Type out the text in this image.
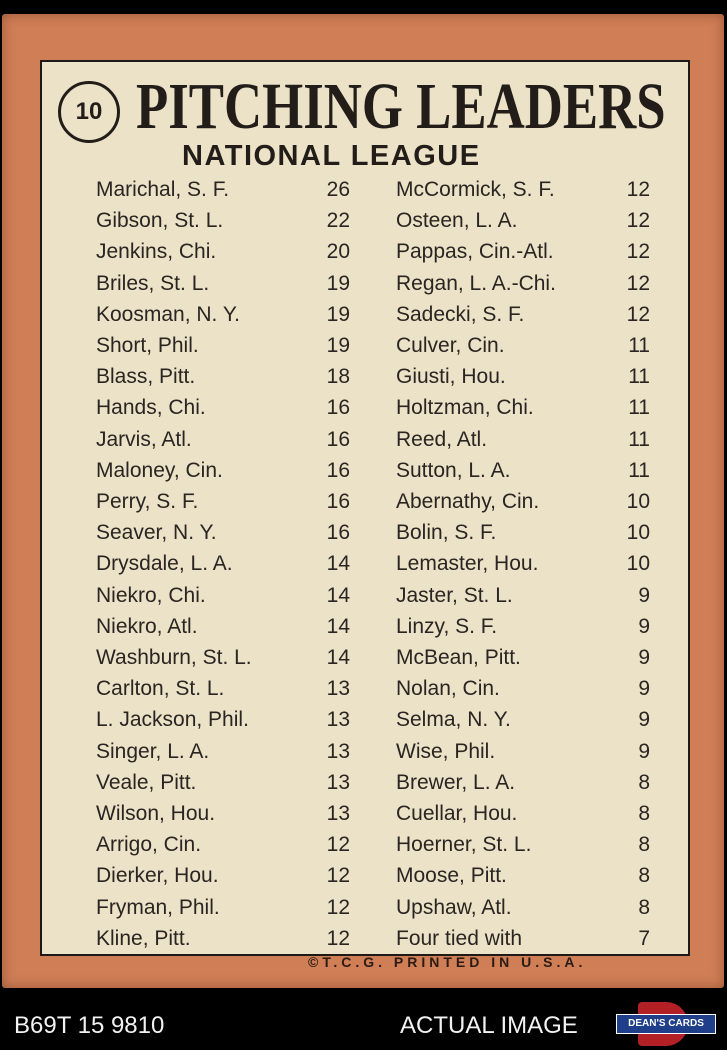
10 PITCHING LEADERS
NATIONAL LEAGUE
Marichal, S. F.	26
Gibson, St. L.	22
Jenkins, Chi.	20
Briles, St. L.	19
Koosman, N. Y.	19
Short, Phil.	19
Blass, Pitt.	18
Hands, Chi.	16
Jarvis, Atl.	16
Maloney, Cin.	16
Perry, S. F.	16
Seaver, N. Y.	16
Drysdale, L. A.	14
Niekro, Chi.	14
Niekro, Atl.	14
Washburn, St. L.	14
Carlton, St. L.	13
L. Jackson, Phil.	13
Singer, L. A.	13
Veale, Pitt.	13
Wilson, Hou.	13
Arrigo, Cin.	12
Dierker, Hou.	12
Fryman, Phil.	12
Kline, Pitt.	12
McCormick, S. F.	12
Osteen, L. A.	12
Pappas, Cin.-Atl.	12
Regan, L. A.-Chi.	12
Sadecki, S. F.	12
Culver, Cin.	11
Giusti, Hou.	11
Holtzman, Chi.	11
Reed, Atl.	11
Sutton, L. A.	11
Abernathy, Cin.	10
Bolin, S. F.	10
Lemaster, Hou.	10
Jaster, St. L.	9
Linzy, S. F.	9
McBean, Pitt.	9
Nolan, Cin.	9
Selma, N. Y.	9
Wise, Phil.	9
Brewer, L. A.	8
Cuellar, Hou.	8
Hoerner, St. L.	8
Moose, Pitt.	8
Upshaw, Atl.	8
Four tied with	7
©T.C.G. PRINTED IN U.S.A.
B69T 15 9810	ACTUAL IMAGE	DEAN'S CARDS
